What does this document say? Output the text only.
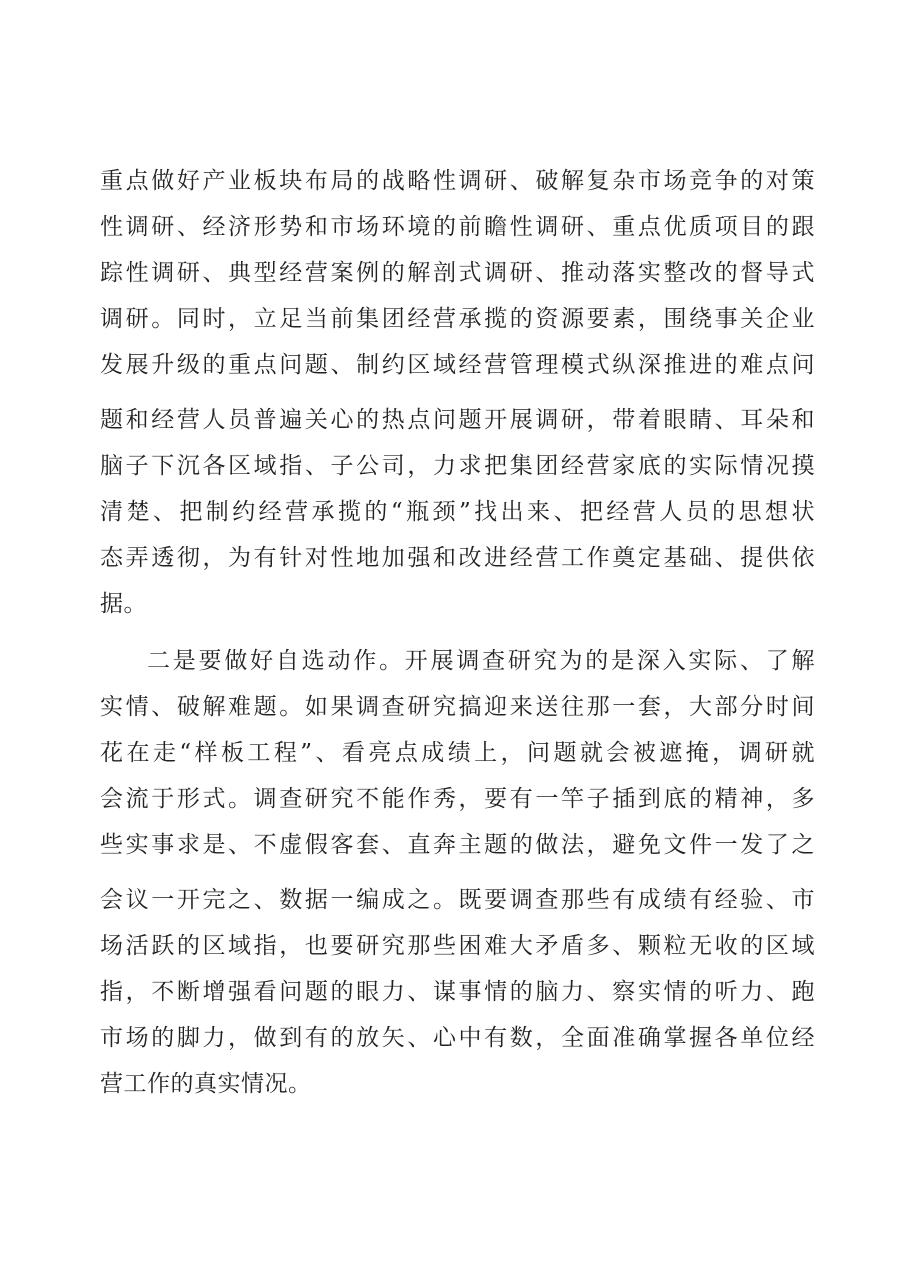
重点做好产业板块布局的战略性调研、破解复杂市场竞争的对策
性调研、经济形势和市场环境的前瞻性调研、重点优质项目的跟
踪性调研、典型经营案例的解剖式调研、推动落实整改的督导式
调研。同时，立足当前集团经营承揽的资源要素，围绕事关企业
发展升级的重点问题、制约区域经营管理模式纵深推进的难点问
题和经营人员普遍关心的热点问题开展调研，带着眼睛、耳朵和
脑子下沉各区域指、子公司，力求把集团经营家底的实际情况摸
清楚、把制约经营承揽的“瓶颈”找出来、把经营人员的思想状
态弄透彻，为有针对性地加强和改进经营工作奠定基础、提供依
据。
二是要做好自选动作。开展调查研究为的是深入实际、了解
实情、破解难题。如果调查研究搞迎来送往那一套，大部分时间
花在走“样板工程”、看亮点成绩上，问题就会被遮掩，调研就
会流于形式。调查研究不能作秀，要有一竿子插到底的精神，多
些实事求是、不虚假客套、直奔主题的做法，避免文件一发了之
会议一开完之、数据一编成之。既要调查那些有成绩有经验、市
场活跃的区域指，也要研究那些困难大矛盾多、颗粒无收的区域
指，不断增强看问题的眼力、谋事情的脑力、察实情的听力、跑
市场的脚力，做到有的放矢、心中有数，全面准确掌握各单位经
营工作的真实情况。
